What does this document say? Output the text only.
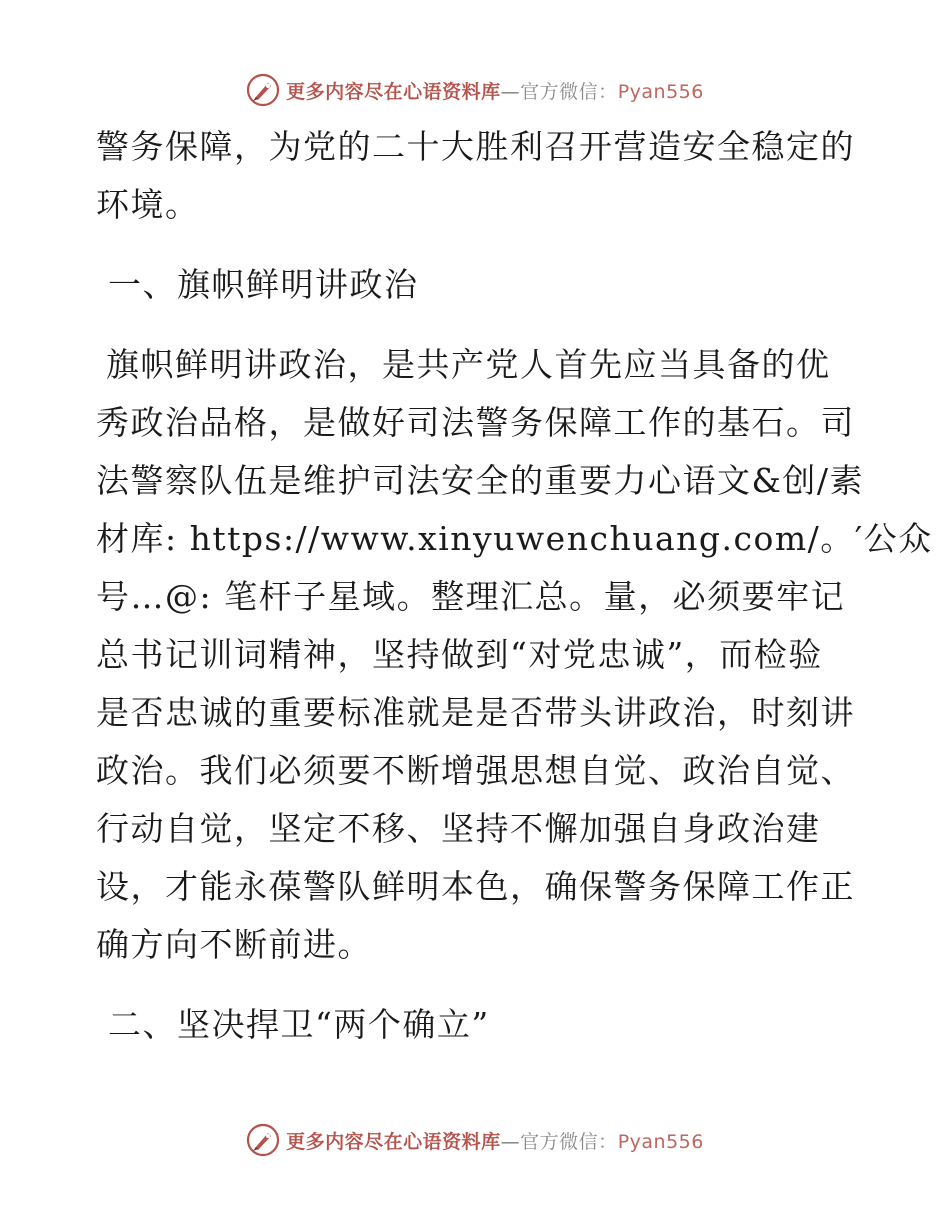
更多内容尽在心语资料库—官方微信：Pyan556
警务保障，为党的二十大胜利召开营造安全稳定的
环境。
一、旗帜鲜明讲政治
旗帜鲜明讲政治，是共产党人首先应当具备的优
秀政治品格，是做好司法警务保障工作的基石。司
法警察队伍是维护司法安全的重要力心语文&创/素
材库: https://www.xinyuwenchuang.com/。′公众
号…@: 笔杆子星域。整理汇总。量，必须要牢记
总书记训词精神，坚持做到“对党忠诚”，而检验
是否忠诚的重要标准就是是否带头讲政治，时刻讲
政治。我们必须要不断增强思想自觉、政治自觉、
行动自觉，坚定不移、坚持不懈加强自身政治建
设，才能永葆警队鲜明本色，确保警务保障工作正
确方向不断前进。
二、坚决捍卫“两个确立”
更多内容尽在心语资料库—官方微信：Pyan556
